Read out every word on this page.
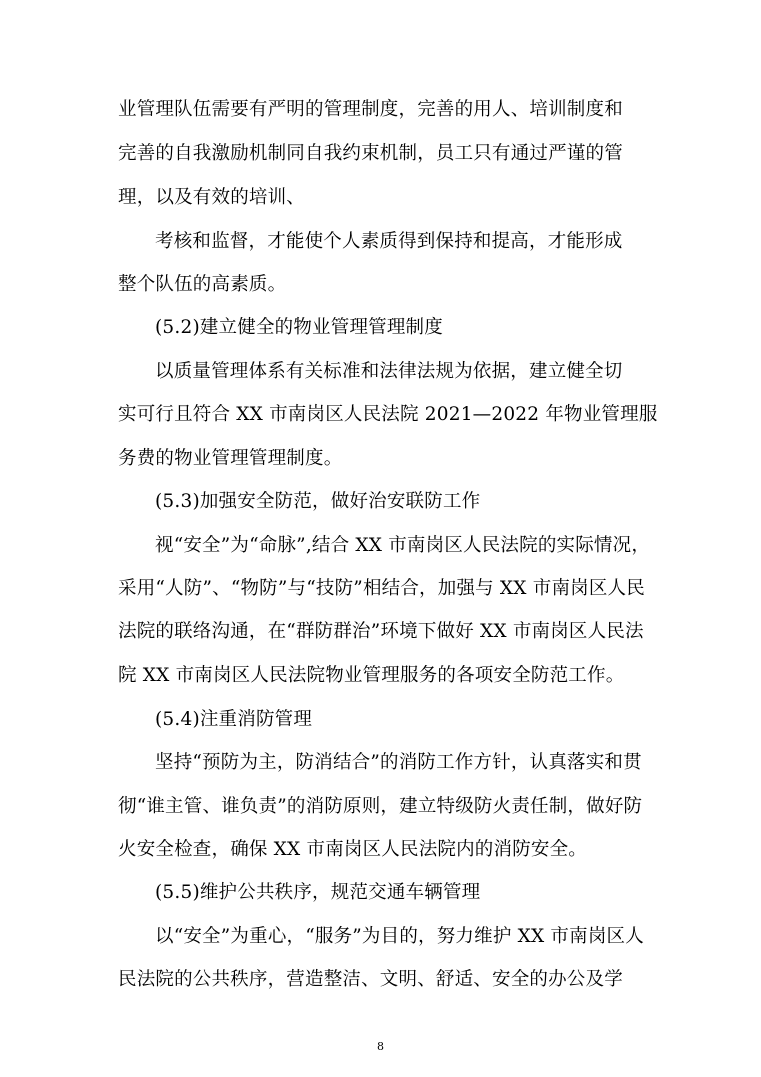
业管理队伍需要有严明的管理制度，完善的用人、培训制度和
完善的自我激励机制同自我约束机制，员工只有通过严谨的管
理，以及有效的培训、
考核和监督，才能使个人素质得到保持和提高，才能形成
整个队伍的高素质。
(5.2)建立健全的物业管理管理制度
以质量管理体系有关标准和法律法规为依据，建立健全切
实可行且符合 XX 市南岗区人民法院 2021—2022 年物业管理服
务费的物业管理管理制度。
(5.3)加强安全防范，做好治安联防工作
视“安全”为“命脉”,结合 XX 市南岗区人民法院的实际情况，
采用“人防”、“物防”与“技防”相结合，加强与 XX 市南岗区人民
法院的联络沟通，在“群防群治”环境下做好 XX 市南岗区人民法
院 XX 市南岗区人民法院物业管理服务的各项安全防范工作。
(5.4)注重消防管理
坚持“预防为主，防消结合”的消防工作方针，认真落实和贯
彻“谁主管、谁负责”的消防原则，建立特级防火责任制，做好防
火安全检查，确保 XX 市南岗区人民法院内的消防安全。
(5.5)维护公共秩序，规范交通车辆管理
以“安全”为重心，“服务”为目的，努力维护 XX 市南岗区人
民法院的公共秩序，营造整洁、文明、舒适、安全的办公及学
8
